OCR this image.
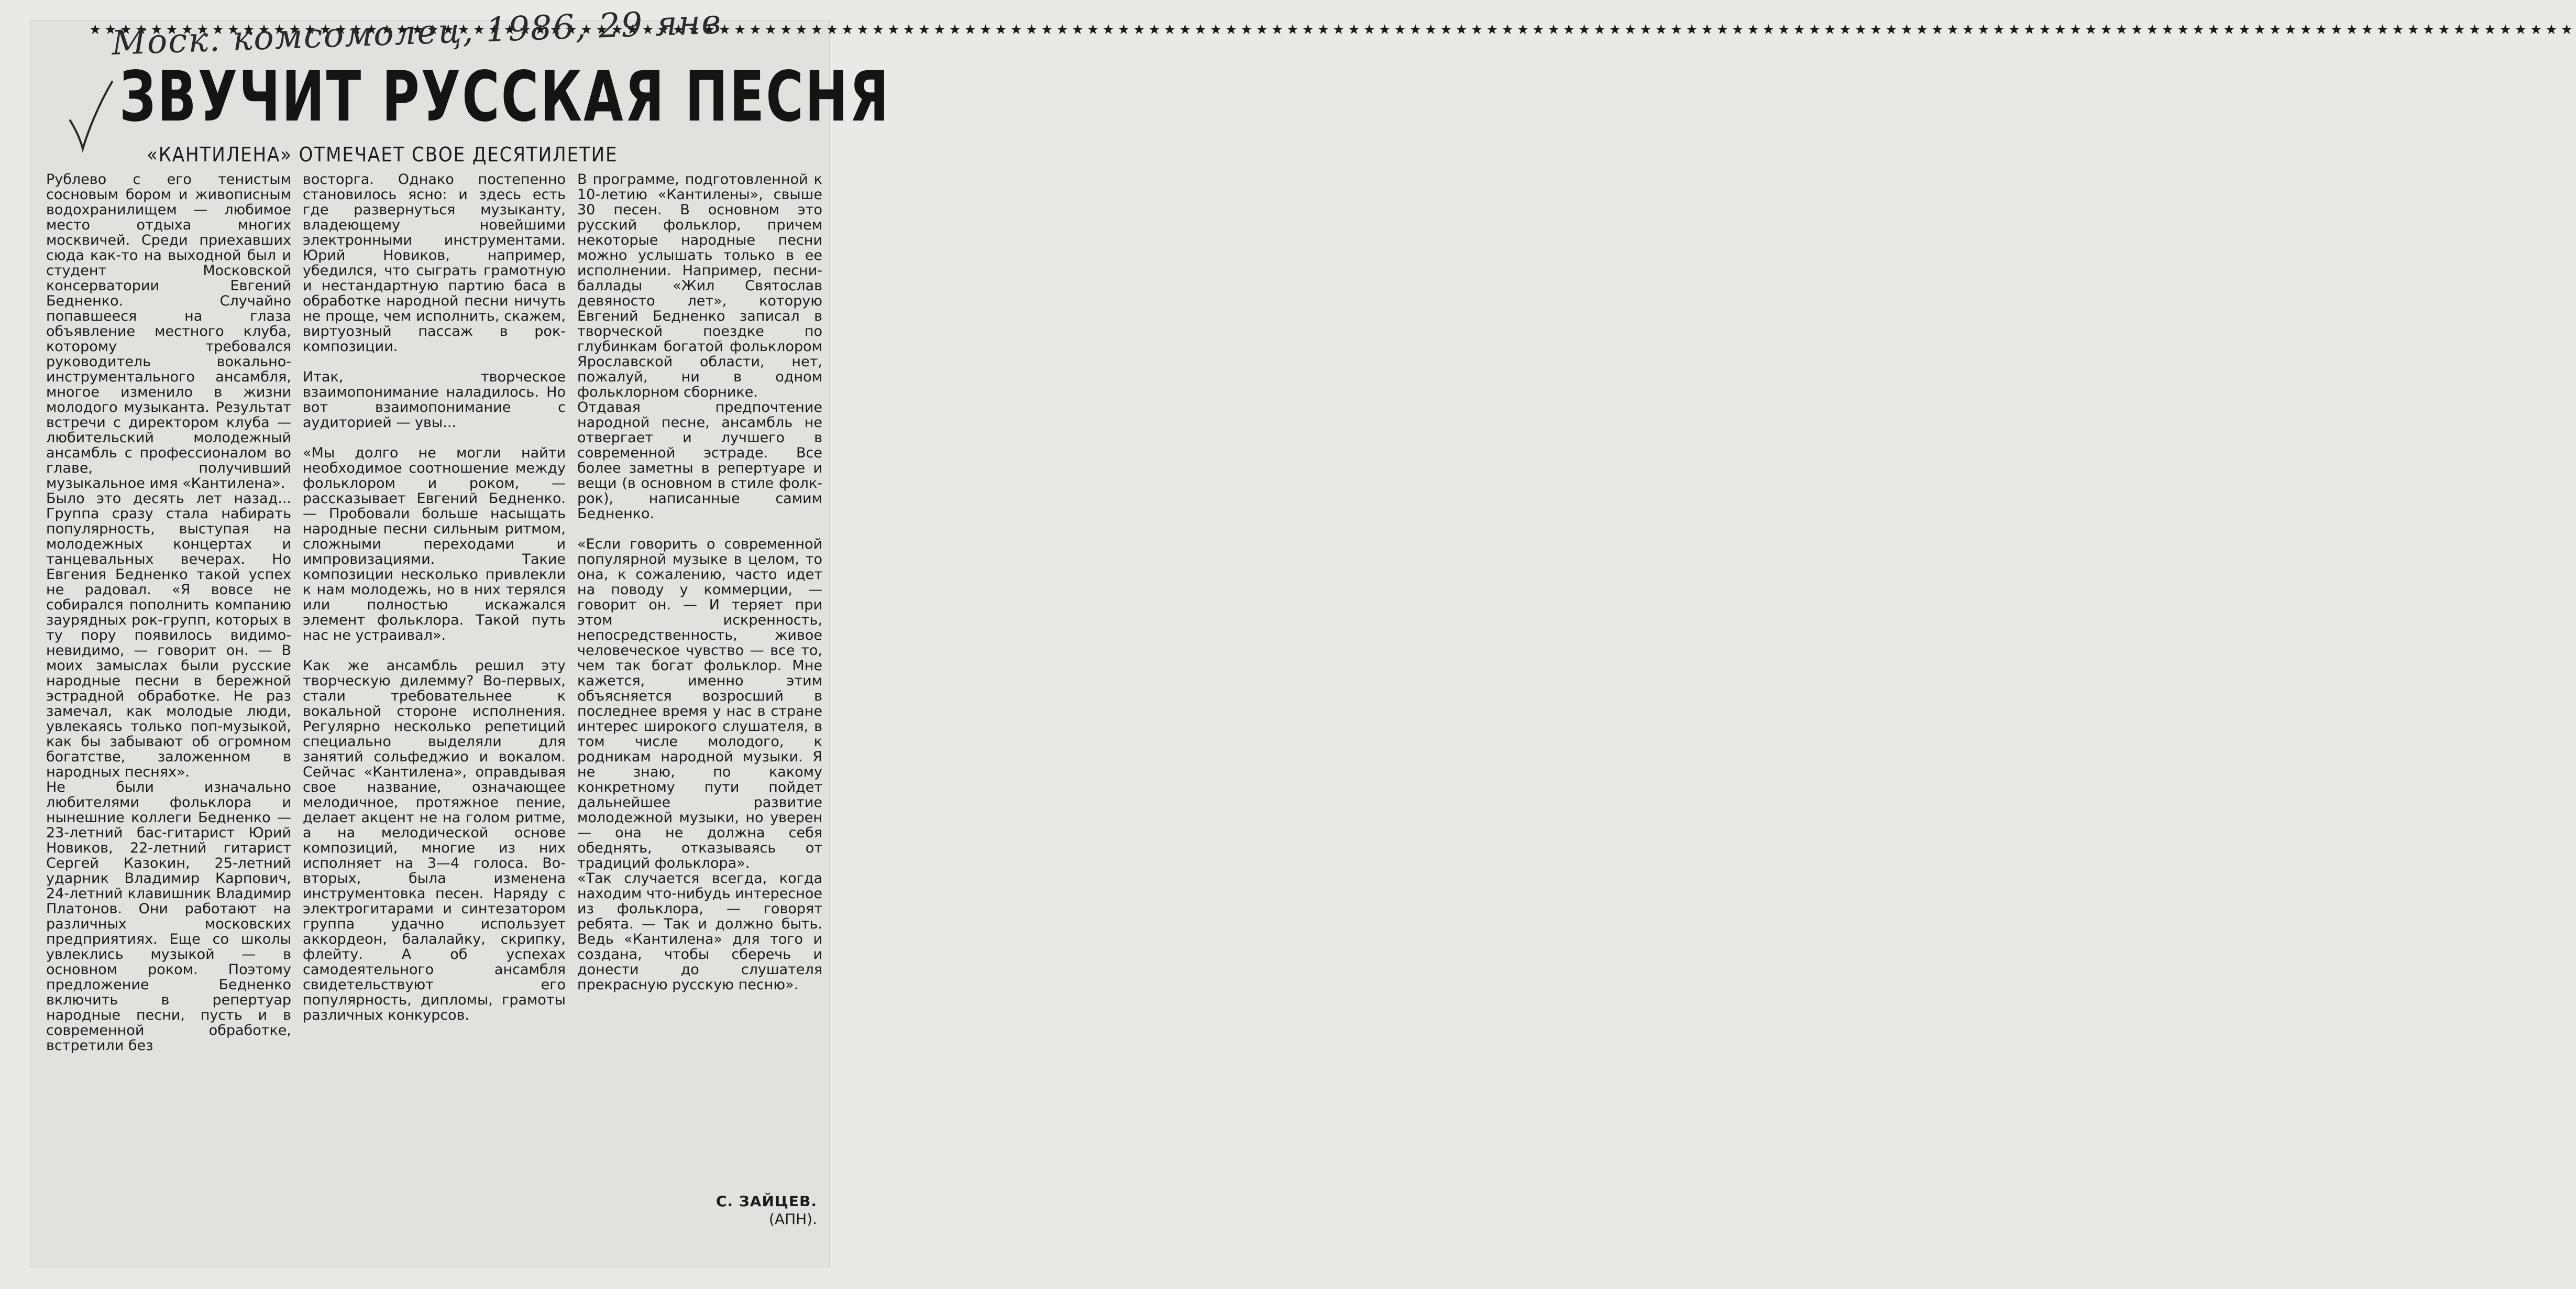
★★★★★★★★★★★★★★★★★★★★★★★★★★★★★★★★★★★★★★★★★★★★★★★★★★★★★★★★★★★★★★★★★★★★★★★★★★★★★★★★★★★★★★★★★★★★★★★★★★★★★★★★★★★★★★★★★★★★★★★★★★★★★★★★★★★★★★★★★★★★★★★★★★★★★★★★★★★★★★★★★★
ЗВУЧИТ РУССКАЯ ПЕСНЯ
Моск. комсомолец, 1986, 29 янв
«КАНТИЛЕНА» ОТМЕЧАЕТ СВОЕ ДЕСЯТИЛЕТИЕ

Рублево с его тенистым сосновым бором и живописным водохранилищем — любимое место отдыха многих москвичей. Среди приехавших сюда как-то на выходной был и студент Московской консерватории Евгений Бедненко. Случайно попавшееся на глаза объявление местного клуба, которому требовался руководитель вокально-инструментального ансамбля, многое изменило в жизни молодого музыканта. Результат встречи с директором клуба — любительский молодежный ансамбль с профессионалом во главе, получивший музыкальное имя «Кантилена».

Было это десять лет назад... Группа сразу стала набирать популярность, выступая на молодежных концертах и танцевальных вечерах. Но Евгения Бедненко такой успех не радовал. «Я вовсе не собирался пополнить компанию заурядных рок-групп, которых в ту пору появилось видимо-невидимо, — говорит он. — В моих замыслах были русские народные песни в бережной эстрадной обработке. Не раз замечал, как молодые люди, увлекаясь только поп-музыкой, как бы забывают об огромном богатстве, заложенном в народных песнях».

Не были изначально любителями фольклора и нынешние коллеги Бедненко — 23-летний бас-гитарист Юрий Новиков, 22-летний гитарист Сергей Казокин, 25-летний ударник Владимир Карпович, 24-летний клавишник Владимир Платонов. Они работают на различных московских предприятиях. Еще со школы увлеклись музыкой — в основном роком. Поэтому предложение Бедненко включить в репертуар народные песни, пусть и в современной обработке, встретили без

восторга. Однако постепенно становилось ясно: и здесь есть где развернуться музыканту, владеющему новейшими электронными инструментами. Юрий Новиков, например, убедился, что сыграть грамотную и нестандартную партию баса в обработке народной песни ничуть не проще, чем исполнить, скажем, виртуозный пассаж в рок-композиции.

Итак, творческое взаимопонимание наладилось. Но вот взаимопонимание с аудиторией — увы...

«Мы долго не могли найти необходимое соотношение между фольклором и роком, — рассказывает Евгений Бедненко. — Пробовали больше насыщать народные песни сильным ритмом, сложными переходами и импровизациями. Такие композиции несколько привлекли к нам молодежь, но в них терялся или полностью искажался элемент фольклора. Такой путь нас не устраивал».

Как же ансамбль решил эту творческую дилемму? Во-первых, стали требовательнее к вокальной стороне исполнения. Регулярно несколько репетиций специально выделяли для занятий сольфеджио и вокалом. Сейчас «Кантилена», оправдывая свое название, означающее мелодичное, протяжное пение, делает акцент не на голом ритме, а на мелодической основе композиций, многие из них исполняет на 3—4 голоса. Во-вторых, была изменена инструментовка песен. Наряду с электрогитарами и синтезатором группа удачно использует аккордеон, балалайку, скрипку, флейту. А об успехах самодеятельного ансамбля свидетельствуют его популярность, дипломы, грамоты различных конкурсов.

В программе, подготовленной к 10-летию «Кантилены», свыше 30 песен. В основном это русский фольклор, причем некоторые народные песни можно услышать только в ее исполнении. Например, песни-баллады «Жил Святослав девяносто лет», которую Евгений Бедненко записал в творческой поездке по глубинкам богатой фольклором Ярославской области, нет, пожалуй, ни в одном фольклорном сборнике.

Отдавая предпочтение народной песне, ансамбль не отвергает и лучшего в современной эстраде. Все более заметны в репертуаре и вещи (в основном в стиле фолк-рок), написанные самим Бедненко.

«Если говорить о современной популярной музыке в целом, то она, к сожалению, часто идет на поводу у коммерции, — говорит он. — И теряет при этом искренность, непосредственность, живое человеческое чувство — все то, чем так богат фольклор. Мне кажется, именно этим объясняется возросший в последнее время у нас в стране интерес широкого слушателя, в том числе молодого, к родникам народной музыки. Я не знаю, по какому конкретному пути пойдет дальнейшее развитие молодежной музыки, но уверен — она не должна себя обеднять, отказываясь от традиций фольклора».

«Так случается всегда, когда находим что-нибудь интересное из фольклора, — говорят ребята. — Так и должно быть. Ведь «Кантилена» для того и создана, чтобы сберечь и донести до слушателя прекрасную русскую песню».

С. ЗАЙЦЕВ.
(АПН).
